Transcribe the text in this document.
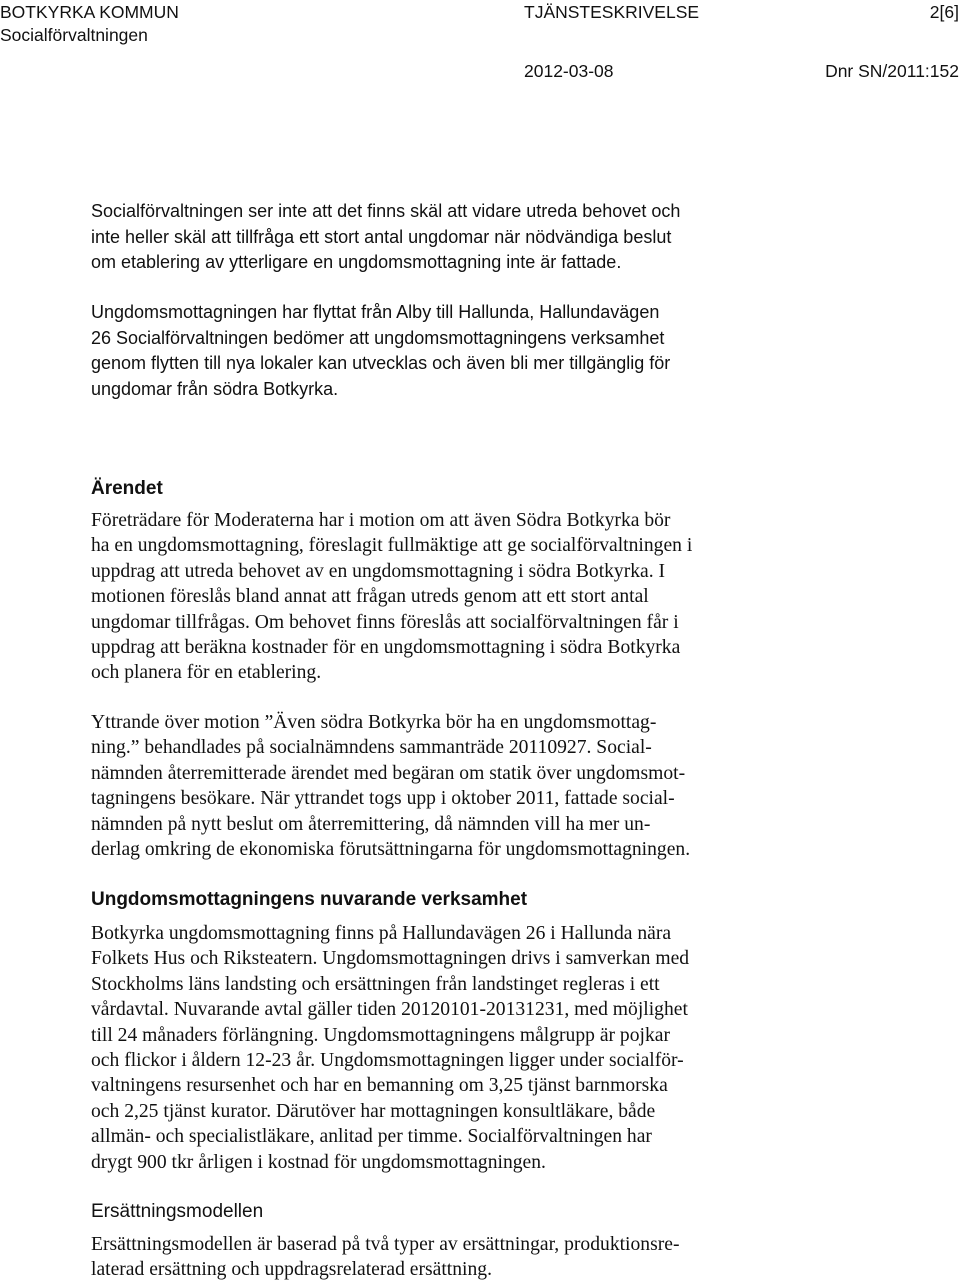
BOTKYRKA KOMMUN
Socialförvaltningen
TJÄNSTESKRIVELSE	2[6]
2012-03-08	Dnr SN/2011:152
Socialförvaltningen ser inte att det finns skäl att vidare utreda behovet och
inte heller skäl att tillfråga ett stort antal ungdomar när nödvändiga beslut
om etablering av ytterligare en ungdomsmottagning inte är fattade.
Ungdomsmottagningen har flyttat från Alby till Hallunda, Hallundavägen
26 Socialförvaltningen bedömer att ungdomsmottagningens verksamhet
genom flytten till nya lokaler kan utvecklas och även bli mer tillgänglig för
ungdomar från södra Botkyrka.
Ärendet
Företrädare för Moderaterna har i motion om att även Södra Botkyrka bör
ha en ungdomsmottagning, föreslagit fullmäktige att ge socialförvaltningen i
uppdrag att utreda behovet av en ungdomsmottagning i södra Botkyrka. I
motionen föreslås bland annat att frågan utreds genom att ett stort antal
ungdomar tillfrågas. Om behovet finns föreslås att socialförvaltningen får i
uppdrag att beräkna kostnader för en ungdomsmottagning i södra Botkyrka
och planera för en etablering.
Yttrande över motion ”Även södra Botkyrka bör ha en ungdomsmottag-
ning.” behandlades på socialnämndens sammanträde 20110927. Social-
nämnden återremitterade ärendet med begäran om statik över ungdomsmot-
tagningens besökare. När yttrandet togs upp i oktober 2011, fattade social-
nämnden på nytt beslut om återremittering, då nämnden vill ha mer un-
derlag omkring de ekonomiska förutsättningarna för ungdomsmottagningen.
Ungdomsmottagningens nuvarande verksamhet
Botkyrka ungdomsmottagning finns på Hallundavägen 26 i Hallunda nära
Folkets Hus och Riksteatern. Ungdomsmottagningen drivs i samverkan med
Stockholms läns landsting och ersättningen från landstinget regleras i ett
vårdavtal. Nuvarande avtal gäller tiden 20120101-20131231, med möjlighet
till 24 månaders förlängning. Ungdomsmottagningens målgrupp är pojkar
och flickor i åldern 12-23 år. Ungdomsmottagningen ligger under socialför-
valtningens resursenhet och har en bemanning om 3,25 tjänst barnmorska
och 2,25 tjänst kurator. Därutöver har mottagningen konsultläkare, både
allmän- och specialistläkare, anlitad per timme. Socialförvaltningen har
drygt 900 tkr årligen i kostnad för ungdomsmottagningen.
Ersättningsmodellen
Ersättningsmodellen är baserad på två typer av ersättningar, produktionsre-
laterad ersättning och uppdragsrelaterad ersättning.
